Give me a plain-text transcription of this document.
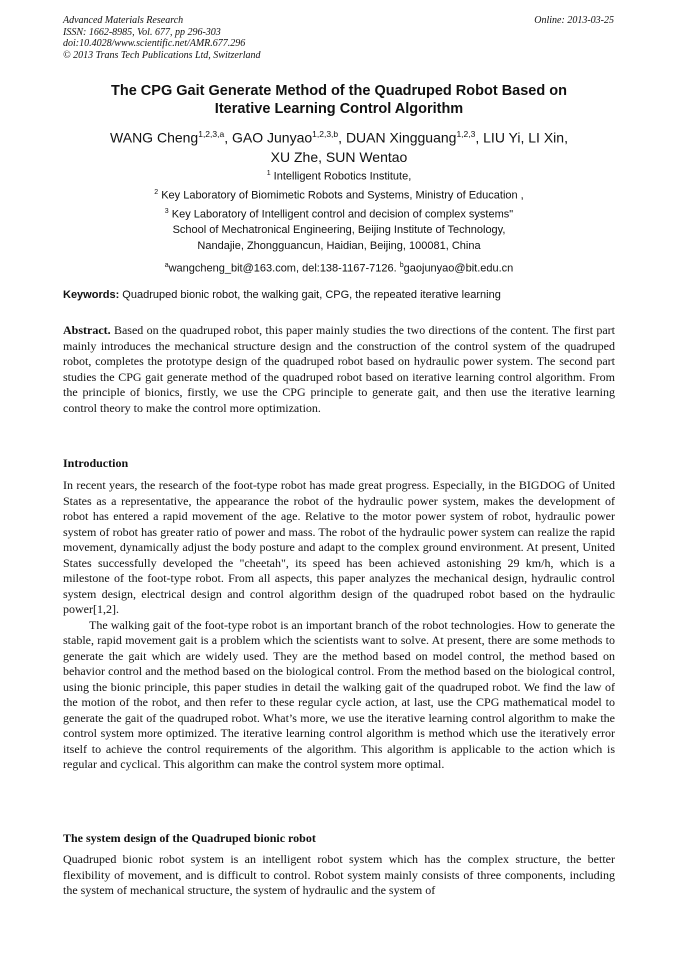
Advanced Materials Research
ISSN: 1662-8985, Vol. 677, pp 296-303
doi:10.4028/www.scientific.net/AMR.677.296
© 2013 Trans Tech Publications Ltd, Switzerland
Online: 2013-03-25
The CPG Gait Generate Method of the Quadruped Robot Based on
Iterative Learning Control Algorithm
WANG Cheng$^{1,2,3,a}$, GAO Junyao$^{1,2,3,b}$, DUAN Xingguang$^{1,2,3}$, LIU Yi, LI Xin,
XU Zhe, SUN Wentao
$^1$ Intelligent Robotics Institute,
$^2$ Key Laboratory of Biomimetic Robots and Systems, Ministry of Education ,
$^3$ Key Laboratory of Intelligent control and decision of complex systems"
School of Mechatronical Engineering, Beijing Institute of Technology,
Nandajie, Zhongguancun, Haidian, Beijing, 100081, China
$^a$wangcheng_bit@163.com, del:138-1167-7126. $^b$gaojunyao@bit.edu.cn
Keywords: Quadruped bionic robot, the walking gait, CPG, the repeated iterative learning
Abstract. Based on the quadruped robot, this paper mainly studies the two directions of the content. The first part mainly introduces the mechanical structure design and the construction of the control system of the quadruped robot, completes the prototype design of the quadruped robot based on hydraulic power system. The second part studies the CPG gait generate method of the quadruped robot based on iterative learning control algorithm. From the principle of bionics, firstly, we use the CPG principle to generate gait, and then use the iterative learning control theory to make the control more optimization.
Introduction

In recent years, the research of the foot-type robot has made great progress. Especially, in the BIGDOG of United States as a representative, the appearance the robot of the hydraulic power system, makes the development of robot has entered a rapid movement of the age. Relative to the motor power system of robot, hydraulic power system of robot has greater ratio of power and mass. The robot of the hydraulic power system can realize the rapid movement, dynamically adjust the body posture and adapt to the complex ground environment. At present, United States successfully developed the "cheetah", its speed has been achieved astonishing 29 km/h, which is a milestone of the foot-type robot. From all aspects, this paper analyzes the mechanical design, hydraulic control system design, electrical design and control algorithm design of the quadruped robot based on the hydraulic power[1,2].

The walking gait of the foot-type robot is an important branch of the robot technologies. How to generate the stable, rapid movement gait is a problem which the scientists want to solve. At present, there are some methods to generate the gait which are widely used. They are the method based on model control, the method based on behavior control and the method based on the biological control. From the method based on the biological control, using the bionic principle, this paper studies in detail the walking gait of the quadruped robot. We find the law of the motion of the robot, and then refer to these regular cycle action, at last, use the CPG mathematical model to generate the gait of the quadruped robot. What’s more, we use the iterative learning control algorithm to make the control system more optimized. The iterative learning control algorithm is method which use the iteratively error itself to achieve the control requirements of the algorithm. This algorithm is applicable to the action which is regular and cyclical. This algorithm can make the control system more optimal.

The system design of the Quadruped bionic robot

Quadruped bionic robot system is an intelligent robot system which has the complex structure, the better flexibility of movement, and is difficult to control. Robot system mainly consists of three components, including the system of mechanical structure, the system of hydraulic and the system of
